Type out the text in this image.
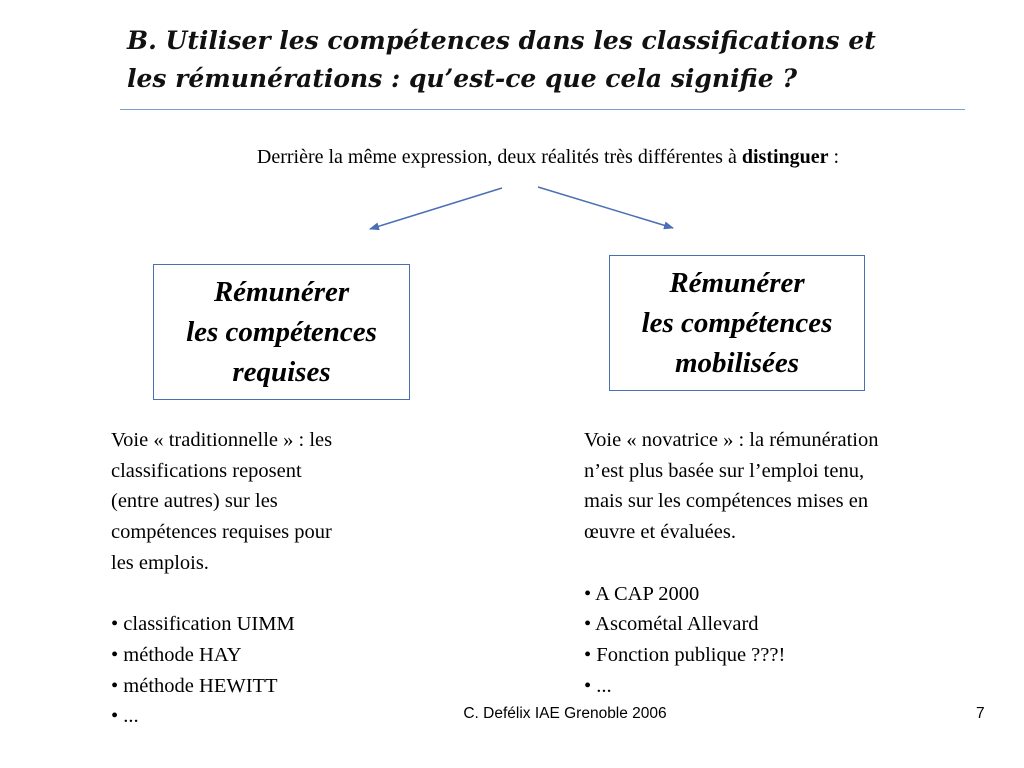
B. Utiliser les compétences dans les classifications et
les rémunérations : qu’est-ce que cela signifie ?
Derrière la même expression, deux réalités très différentes à distinguer :
Rémunérer
les compétences
requises
Rémunérer
les compétences
mobilisées
Voie « traditionnelle » : les
classifications reposent
(entre autres) sur les
compétences requises pour
les emplois.
• classification UIMM
• méthode HAY
• méthode HEWITT
• ...
Voie « novatrice » : la rémunération
n’est plus basée sur l’emploi tenu,
mais sur les compétences mises en
œuvre et évaluées.
• A CAP 2000
• Ascométal Allevard
• Fonction publique ???!
• ...
C. Defélix IAE Grenoble 2006	7
